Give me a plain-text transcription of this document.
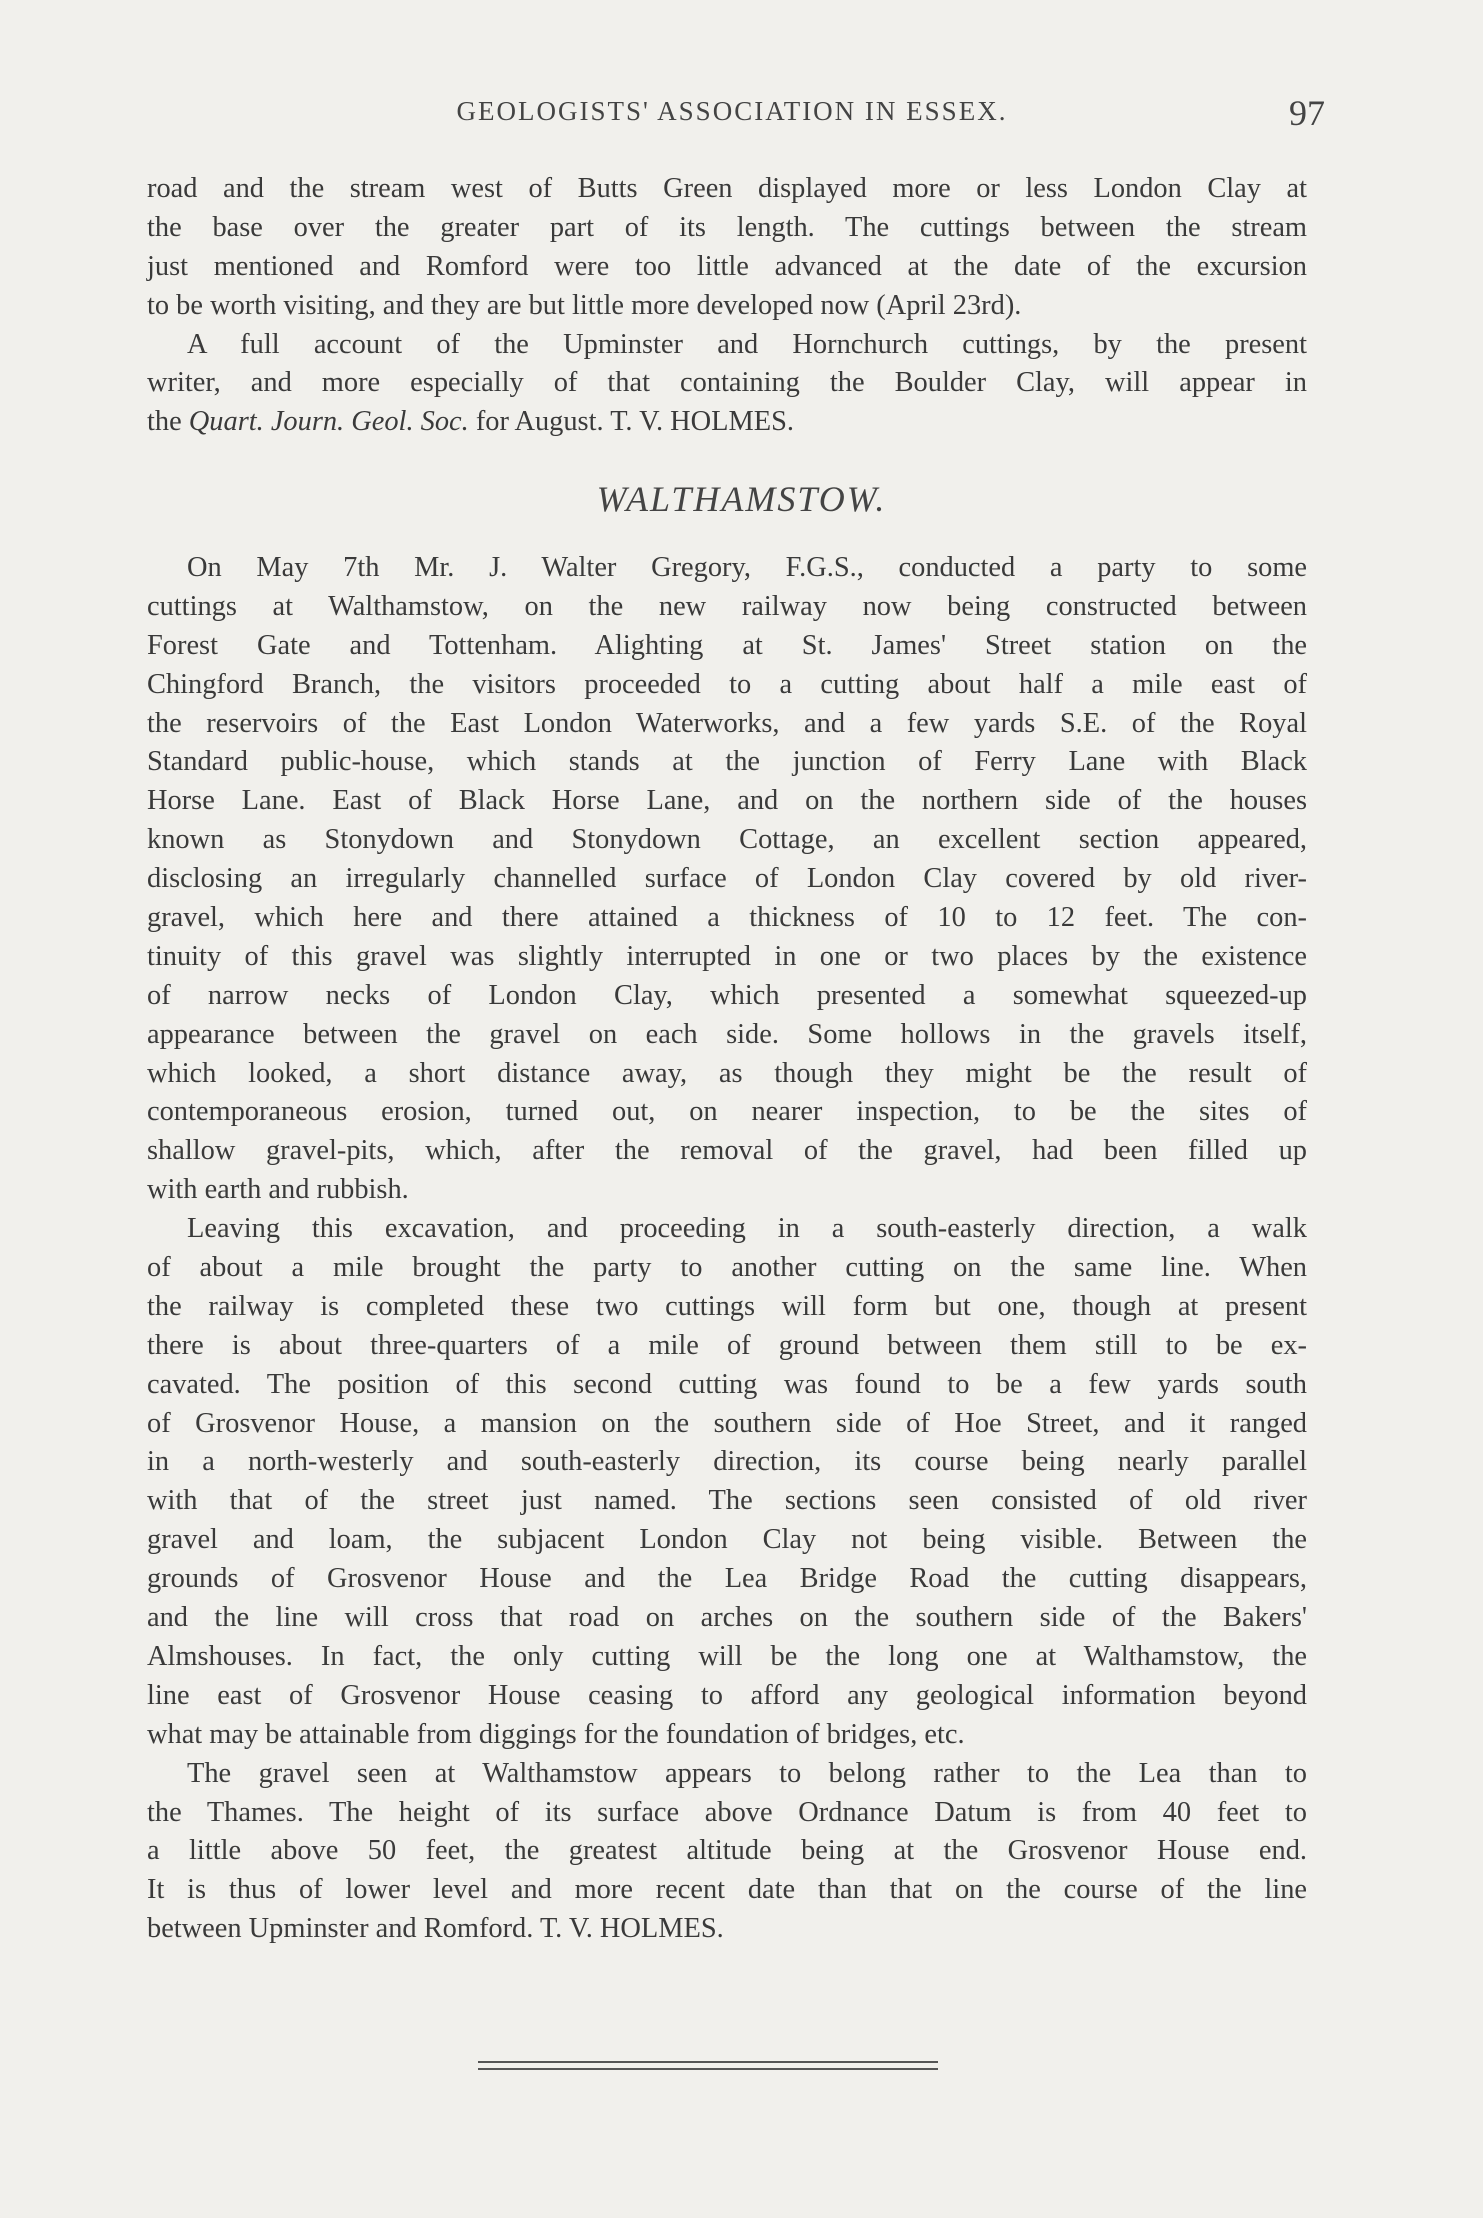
GEOLOGISTS' ASSOCIATION IN ESSEX.	97
road and the stream west of Butts Green displayed more or less London Clay at
the base over the greater part of its length. The cuttings between the stream
just mentioned and Romford were too little advanced at the date of the excursion
to be worth visiting, and they are but little more developed now (April 23rd).
A full account of the Upminster and Hornchurch cuttings, by the present
writer, and more especially of that containing the Boulder Clay, will appear in
the Quart. Journ. Geol. Soc. for August. T. V. HOLMES.
WALTHAMSTOW.
On May 7th Mr. J. Walter Gregory, F.G.S., conducted a party to some
cuttings at Walthamstow, on the new railway now being constructed between
Forest Gate and Tottenham. Alighting at St. James' Street station on the
Chingford Branch, the visitors proceeded to a cutting about half a mile east of
the reservoirs of the East London Waterworks, and a few yards S.E. of the Royal
Standard public-house, which stands at the junction of Ferry Lane with Black
Horse Lane. East of Black Horse Lane, and on the northern side of the houses
known as Stonydown and Stonydown Cottage, an excellent section appeared,
disclosing an irregularly channelled surface of London Clay covered by old river-
gravel, which here and there attained a thickness of 10 to 12 feet. The con-
tinuity of this gravel was slightly interrupted in one or two places by the existence
of narrow necks of London Clay, which presented a somewhat squeezed-up
appearance between the gravel on each side. Some hollows in the gravels itself,
which looked, a short distance away, as though they might be the result of
contemporaneous erosion, turned out, on nearer inspection, to be the sites of
shallow gravel-pits, which, after the removal of the gravel, had been filled up
with earth and rubbish.
Leaving this excavation, and proceeding in a south-easterly direction, a walk
of about a mile brought the party to another cutting on the same line. When
the railway is completed these two cuttings will form but one, though at present
there is about three-quarters of a mile of ground between them still to be ex-
cavated. The position of this second cutting was found to be a few yards south
of Grosvenor House, a mansion on the southern side of Hoe Street, and it ranged
in a north-westerly and south-easterly direction, its course being nearly parallel
with that of the street just named. The sections seen consisted of old river
gravel and loam, the subjacent London Clay not being visible. Between the
grounds of Grosvenor House and the Lea Bridge Road the cutting disappears,
and the line will cross that road on arches on the southern side of the Bakers'
Almshouses. In fact, the only cutting will be the long one at Walthamstow, the
line east of Grosvenor House ceasing to afford any geological information beyond
what may be attainable from diggings for the foundation of bridges, etc.
The gravel seen at Walthamstow appears to belong rather to the Lea than to
the Thames. The height of its surface above Ordnance Datum is from 40 feet to
a little above 50 feet, the greatest altitude being at the Grosvenor House end.
It is thus of lower level and more recent date than that on the course of the line
between Upminster and Romford. T. V. HOLMES.
